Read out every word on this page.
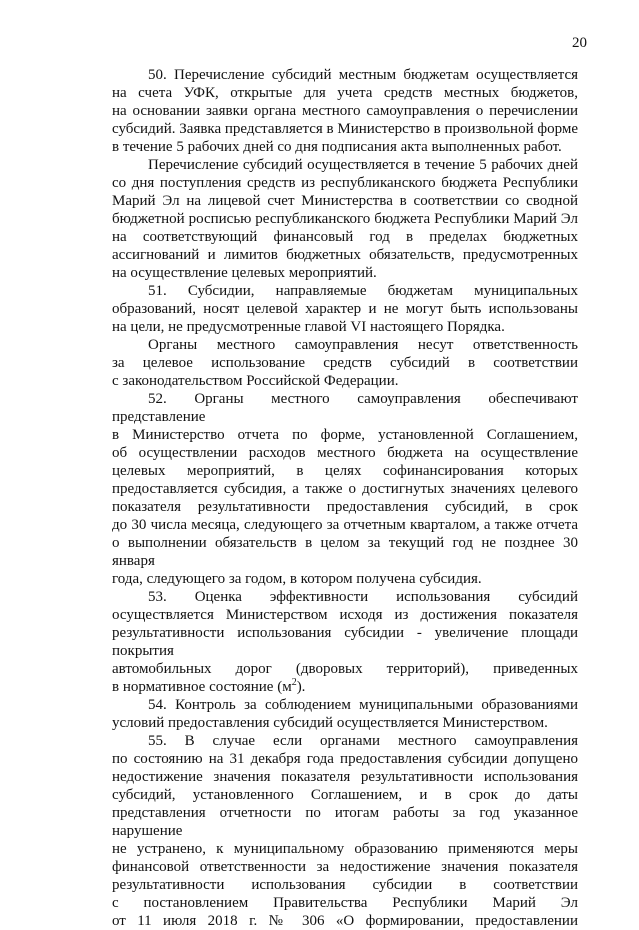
20
50. Перечисление субсидий местным бюджетам осуществляется
на счета УФК, открытые для учета средств местных бюджетов,
на основании заявки органа местного самоуправления о перечислении
субсидий. Заявка представляется в Министерство в произвольной форме
в течение 5 рабочих дней со дня подписания акта выполненных работ.
Перечисление субсидий осуществляется в течение 5 рабочих дней
со дня поступления средств из республиканского бюджета Республики
Марий Эл на лицевой счет Министерства в соответствии со сводной
бюджетной росписью республиканского бюджета Республики Марий Эл
на соответствующий финансовый год в пределах бюджетных
ассигнований и лимитов бюджетных обязательств, предусмотренных
на осуществление целевых мероприятий.
51. Субсидии, направляемые бюджетам муниципальных
образований, носят целевой характер и не могут быть использованы
на цели, не предусмотренные главой VI настоящего Порядка.
Органы местного самоуправления несут ответственность
за целевое использование средств субсидий в соответствии
с законодательством Российской Федерации.
52. Органы местного самоуправления обеспечивают представление
в Министерство отчета по форме, установленной Соглашением,
об осуществлении расходов местного бюджета на осуществление
целевых мероприятий, в целях софинансирования которых
предоставляется субсидия, а также о достигнутых значениях целевого
показателя результативности предоставления субсидий, в срок
до 30 числа месяца, следующего за отчетным кварталом, а также отчета
о выполнении обязательств в целом за текущий год не позднее 30 января
года, следующего за годом, в котором получена субсидия.
53. Оценка эффективности использования субсидий
осуществляется Министерством исходя из достижения показателя
результативности использования субсидии - увеличение площади покрытия
автомобильных дорог (дворовых территорий), приведенных
в нормативное состояние $(м^2)$.
54. Контроль за соблюдением муниципальными образованиями
условий предоставления субсидий осуществляется Министерством.
55. В случае если органами местного самоуправления
по состоянию на 31 декабря года предоставления субсидии допущено
недостижение значения показателя результативности использования
субсидий, установленного Соглашением, и в срок до даты
представления отчетности по итогам работы за год указанное нарушение
не устранено, к муниципальному образованию применяются меры
финансовой ответственности за недостижение значения показателя
результативности использования субсидии в соответствии
с постановлением Правительства Республики Марий Эл
от 11 июля 2018 г. № 306 «О формировании, предоставлении
